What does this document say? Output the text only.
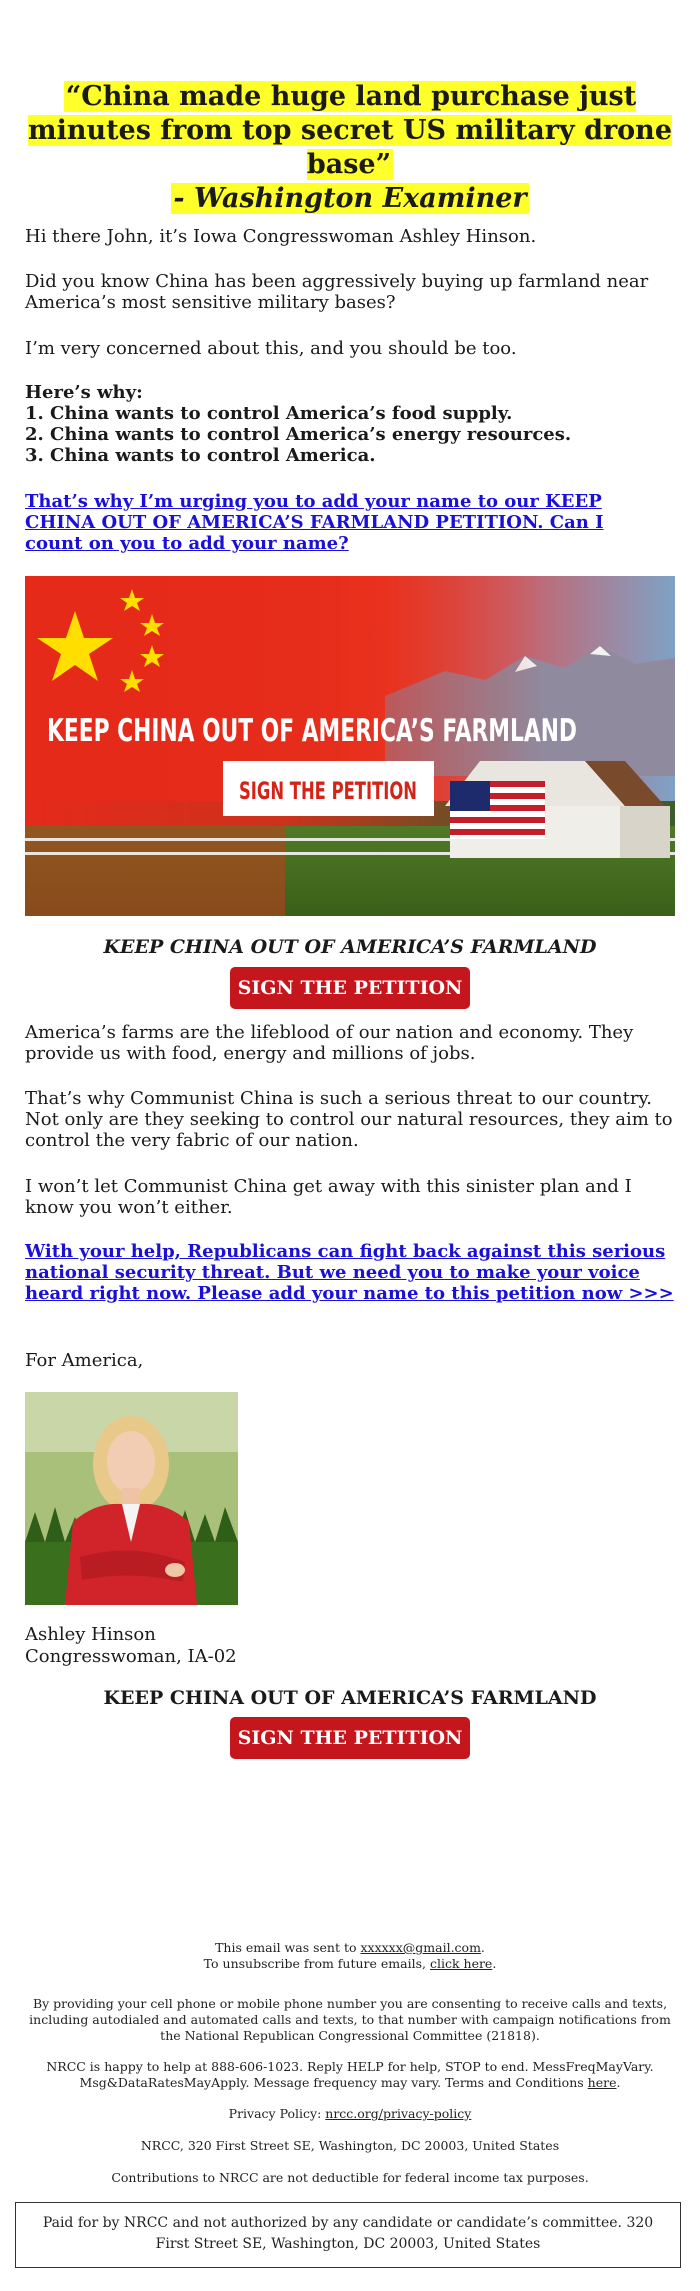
“China made huge land purchase just minutes from top secret US military drone base”
- Washington Examiner

Hi there John, it’s Iowa Congresswoman Ashley Hinson.

Did you know China has been aggressively buying up farmland near America’s most sensitive military bases?

I’m very concerned about this, and you should be too.

Here’s why:

1. China wants to control America’s food supply.

2. China wants to control America’s energy resources.

3. China wants to control America.

That’s why I’m urging you to add your name to our KEEP CHINA OUT OF AMERICA’S FARMLAND PETITION. Can I count on you to add your name?
KEEP CHINA OUT OF AMERICA’S FARMLAND
SIGN THE PETITION
KEEP CHINA OUT OF AMERICA’S FARMLAND
SIGN THE PETITION

America’s farms are the lifeblood of our nation and economy. They provide us with food, energy and millions of jobs.

That’s why Communist China is such a serious threat to our country. Not only are they seeking to control our natural resources, they aim to control the very fabric of our nation.

I won’t let Communist China get away with this sinister plan and I know you won’t either.

With your help, Republicans can fight back against this serious national security threat. But we need you to make your voice heard right now. Please add your name to this petition now >>>

For America,

Ashley Hinson

Congresswoman, IA-02

KEEP CHINA OUT OF AMERICA’S FARMLAND
SIGN THE PETITION
This email was sent to xxxxxx@gmail.com.
To unsubscribe from future emails, click here.
By providing your cell phone or mobile phone number you are consenting to receive calls and texts, including autodialed and automated calls and texts, to that number with campaign notifications from the National Republican Congressional Committee (21818).
NRCC is happy to help at 888-606-1023. Reply HELP for help, STOP to end. MessFreqMayVary. Msg&DataRatesMayApply. Message frequency may vary. Terms and Conditions here.
Privacy Policy: nrcc.org/privacy-policy
NRCC, 320 First Street SE, Washington, DC 20003, United States
Contributions to NRCC are not deductible for federal income tax purposes.
Paid for by NRCC and not authorized by any candidate or candidate’s committee. 320 First Street SE, Washington, DC 20003, United States
